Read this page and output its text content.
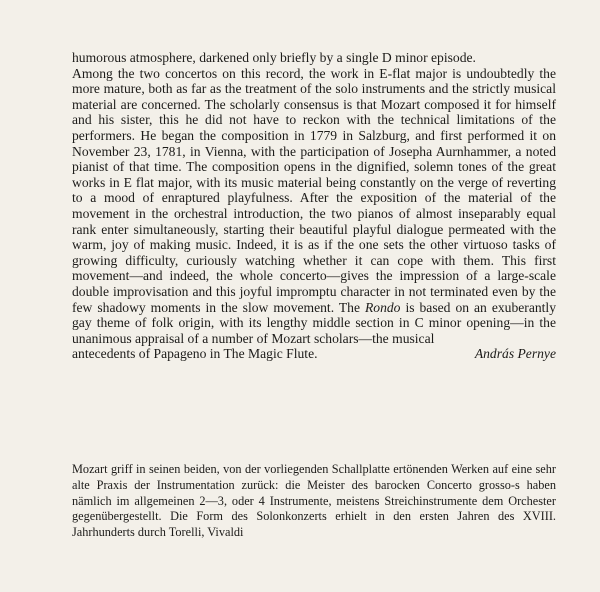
humorous atmosphere, darkened only briefly by a single D minor episode.

Among the two concertos on this record, the work in E-flat major is undoubtedly the more mature, both as far as the treatment of the solo instruments and the strictly musical material are concerned. The scholarly consensus is that Mozart composed it for himself and his sister, this he did not have to reckon with the technical limitations of the performers. He began the composition in 1779 in Salzburg, and first performed it on November 23, 1781, in Vienna, with the participation of Josepha Aurnhammer, a noted pianist of that time. The composition opens in the dignified, solemn tones of the great works in E flat major, with its music material being constantly on the verge of reverting to a mood of enraptured playfulness. After the exposition of the material of the movement in the orchestral introduction, the two pianos of almost inseparably equal rank enter simultaneously, starting their beautiful playful dialogue permeated with the warm, joy of making music. Indeed, it is as if the one sets the other virtuoso tasks of growing difficulty, curiously watching whether it can cope with them. This first movement—and indeed, the whole concerto—gives the impression of a large-scale double improvisation and this joyful impromptu character in not terminated even by the few shadowy moments in the slow movement. The Rondo is based on an exuberantly gay theme of folk origin, with its lengthy middle section in C minor opening—in the unanimous appraisal of a number of Mozart scholars—the musical

antecedents of Papageno in The Magic Flute.	András Pernye

Mozart griff in seinen beiden, von der vorliegenden Schallplatte ertönenden Werken auf eine sehr alte Praxis der Instrumentation zurück: die Meister des barocken Concerto grosso-s haben nämlich im allgemeinen 2—3, oder 4 Instrumente, meistens Streichinstrumente dem Orchester gegenübergestellt. Die Form des Solonkonzerts erhielt in den ersten Jahren des XVIII. Jahrhunderts durch Torelli, Vivaldi
